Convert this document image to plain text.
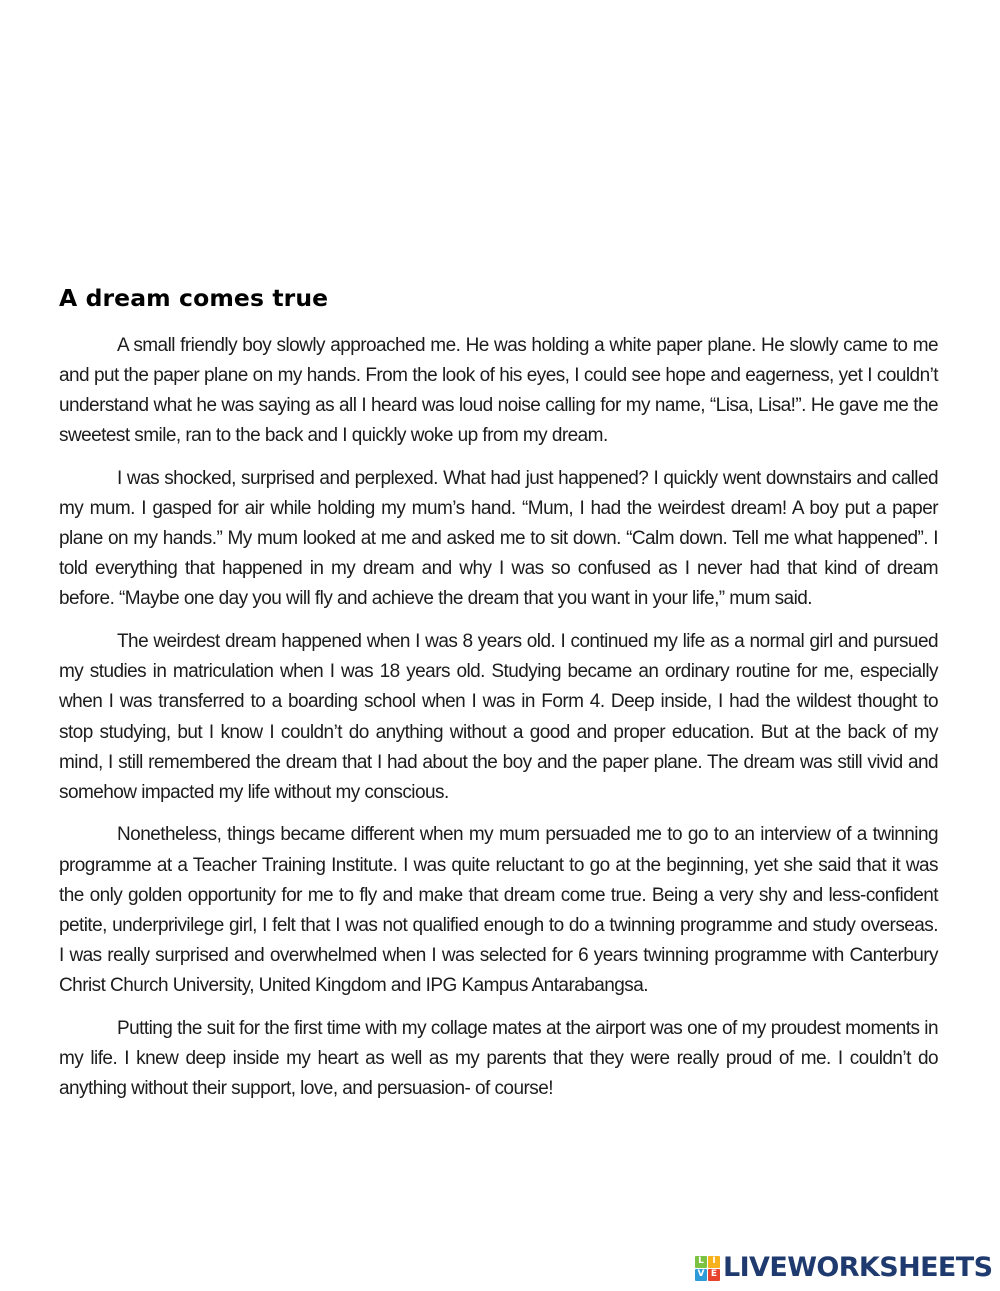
A dream comes true

A small friendly boy slowly approached me. He was holding a white paper plane. He slowly came to me and put the paper plane on my hands. From the look of his eyes, I could see hope and eagerness, yet I couldn’t understand what he was saying as all I heard was loud noise calling for my name, “Lisa, Lisa!”. He gave me the sweetest smile, ran to the back and I quickly woke up from my dream.

I was shocked, surprised and perplexed. What had just happened? I quickly went downstairs and called my mum. I gasped for air while holding my mum’s hand. “Mum, I had the weirdest dream! A boy put a paper plane on my hands.” My mum looked at me and asked me to sit down. “Calm down. Tell me what happened”. I told everything that happened in my dream and why I was so confused as I never had that kind of dream before. “Maybe one day you will fly and achieve the dream that you want in your life,” mum said.

The weirdest dream happened when I was 8 years old. I continued my life as a normal girl and pursued my studies in matriculation when I was 18 years old. Studying became an ordinary routine for me, especially when I was transferred to a boarding school when I was in Form 4. Deep inside, I had the wildest thought to stop studying, but I know I couldn’t do anything without a good and proper education. But at the back of my mind, I still remembered the dream that I had about the boy and the paper plane. The dream was still vivid and somehow impacted my life without my conscious.

Nonetheless, things became different when my mum persuaded me to go to an interview of a twinning programme at a Teacher Training Institute. I was quite reluctant to go at the beginning, yet she said that it was the only golden opportunity for me to fly and make that dream come true. Being a very shy and less-confident petite, underprivilege girl, I felt that I was not qualified enough to do a twinning programme and study overseas. I was really surprised and overwhelmed when I was selected for 6 years twinning programme with Canterbury Christ Church University, United Kingdom and IPG Kampus Antarabangsa.

Putting the suit for the first time with my collage mates at the airport was one of my proudest moments in my life. I knew deep inside my heart as well as my parents that they were really proud of me. I couldn’t do anything without their support, love, and persuasion- of course!

L I
V E LIVEWORKSHEETS
